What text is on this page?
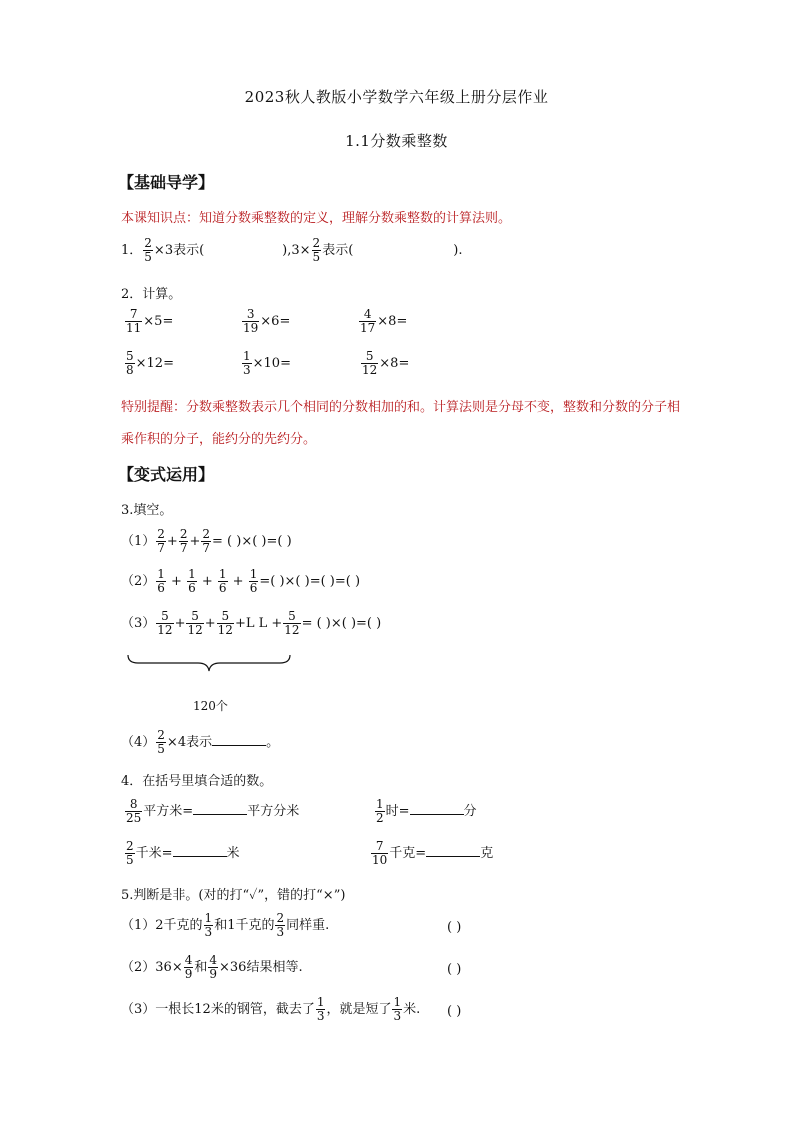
2023秋人教版小学数学六年级上册分层作业
1.1分数乘整数
【基础导学】
本课知识点：知道分数乘整数的定义，理解分数乘整数的计算法则。
1． $\frac{2}{5} \times 3$表示(	)$,3\times \frac{2}{5}$ 表示(	).
2．计算。
$\frac{7}{11} \times 5=$	$\frac{3}{19} \times 6=$	$\frac{4}{17} \times 8=$
$\frac{5}{8} \times 12=$	$\frac{1}{3} \times 10=$	$\frac{5}{12} \times 8=$
特别提醒：分数乘整数表示几个相同的分数相加的和。计算法则是分母不变，整数和分数的分子相
乘作积的分子，能约分的先约分。
【变式运用】
3.填空。
$(1) \frac{2}{7} + \frac{2}{7} + \frac{2}{7}$ = ( )×( )=( )
$(2) \frac{1}{6} + \frac{1}{6} + \frac{1}{6} + \frac{1}{6}$ =( )×( )=( )=( )
$(3) \frac{5}{12} + \frac{5}{12} + \frac{5}{12} +L$ $L + \frac{5}{12}$ = ( )×( )=( )
120个
$(4) \frac{2}{5} \times 4$表示	。
4．在括号里填合适的数。
$\frac{8}{25}$ 平方米=	平方分米	$\frac{1}{2}$ 时=	分
$\frac{2}{5}$ 千米=	米	$\frac{7}{10}$ 千克=	克
5.判断是非。(对的打“✓”，错的打“×”)
（1）2千克的 $\frac{1}{3}$ 和1千克的 $\frac{2}{3}$ 同样重.	( )
$(2)36\times \frac{4}{9}$ 和 $\frac{4}{9} \times 36$结果相等.	( )
（3）一根长12米的钢管，截去了 $\frac{1}{3}$ ，就是短了 $\frac{1}{3}$ 米. ( )
